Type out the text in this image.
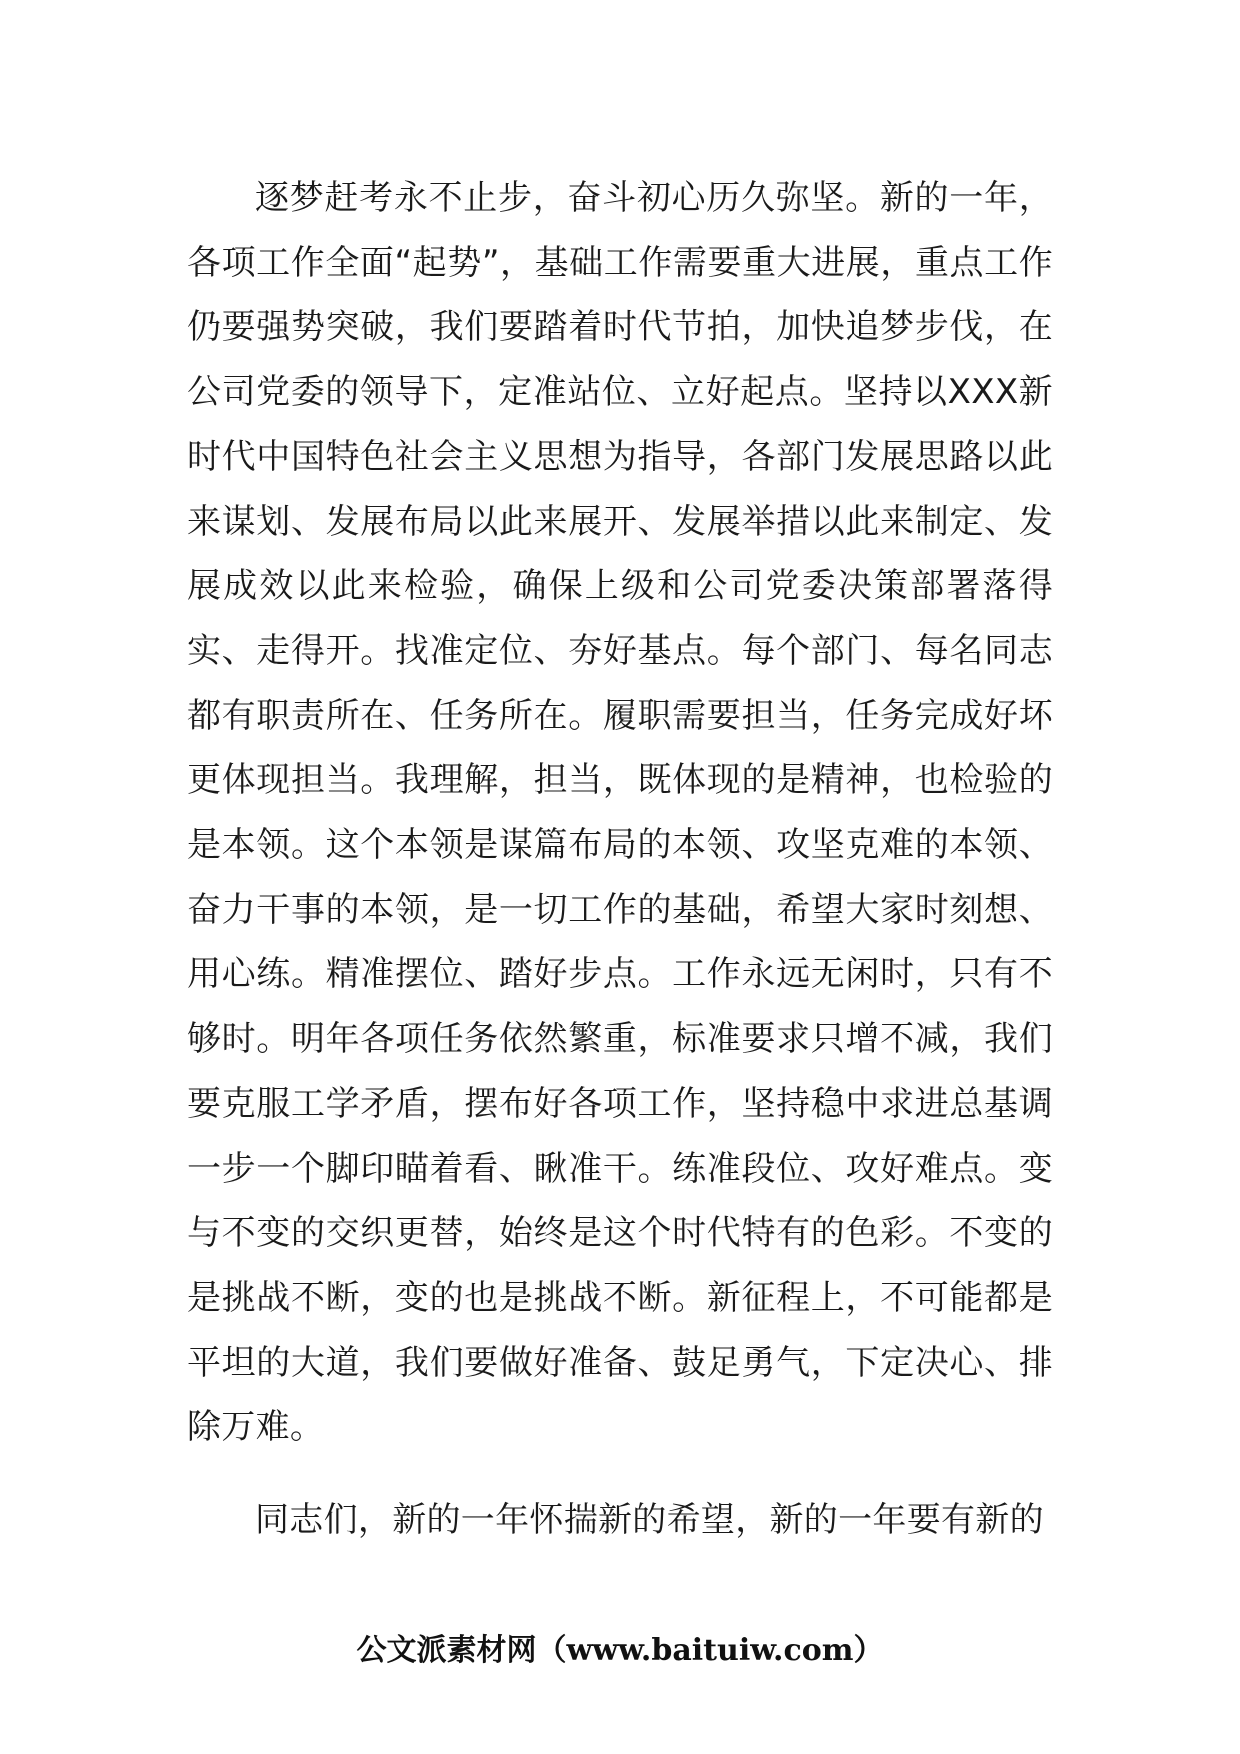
逐梦赶考永不止步，奋斗初心历久弥坚。新的一年，各项工作全面“起势”，基础工作需要重大进展，重点工作仍要强势突破，我们要踏着时代节拍，加快追梦步伐，在公司党委的领导下，定准站位、立好起点。坚持以XXX新时代中国特色社会主义思想为指导，各部门发展思路以此来谋划、发展布局以此来展开、发展举措以此来制定、发展成效以此来检验，确保上级和公司党委决策部署落得实、走得开。找准定位、夯好基点。每个部门、每名同志都有职责所在、任务所在。履职需要担当，任务完成好坏更体现担当。我理解，担当，既体现的是精神，也检验的是本领。这个本领是谋篇布局的本领、攻坚克难的本领、奋力干事的本领，是一切工作的基础，希望大家时刻想、用心练。精准摆位、踏好步点。工作永远无闲时，只有不够时。明年各项任务依然繁重，标准要求只增不减，我们要克服工学矛盾，摆布好各项工作，坚持稳中求进总基调一步一个脚印瞄着看、瞅准干。练准段位、攻好难点。变与不变的交织更替，始终是这个时代特有的色彩。不变的是挑战不断，变的也是挑战不断。新征程上，不可能都是平坦的大道，我们要做好准备、鼓足勇气，下定决心、排除万难。

同志们，新的一年怀揣新的希望，新的一年要有新的

公文派素材网（www.baituiw.com）
